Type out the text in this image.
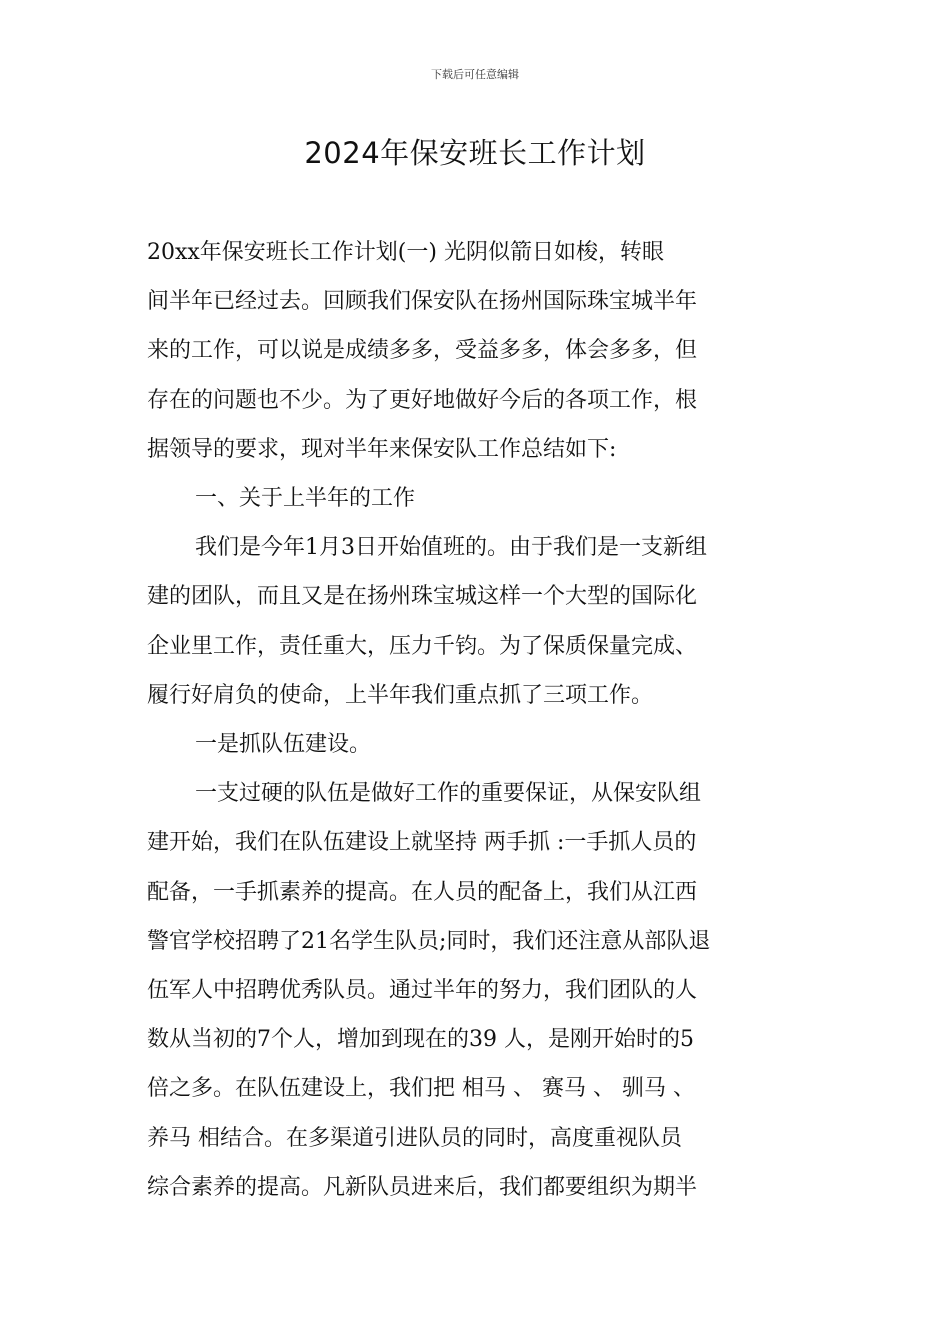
下载后可任意编辑
2024年保安班长工作计划

20xx年保安班长工作计划(一) 光阴似箭日如梭，转眼

间半年已经过去。回顾我们保安队在扬州国际珠宝城半年

来的工作，可以说是成绩多多，受益多多，体会多多，但

存在的问题也不少。为了更好地做好今后的各项工作，根

据领导的要求，现对半年来保安队工作总结如下:

一、关于上半年的工作

我们是今年1月3日开始值班的。由于我们是一支新组

建的团队，而且又是在扬州珠宝城这样一个大型的国际化

企业里工作，责任重大，压力千钧。为了保质保量完成、

履行好肩负的使命，上半年我们重点抓了三项工作。

一是抓队伍建设。

一支过硬的队伍是做好工作的重要保证，从保安队组

建开始，我们在队伍建设上就坚持 两手抓 :一手抓人员的

配备，一手抓素养的提高。在人员的配备上，我们从江西

警官学校招聘了21名学生队员;同时，我们还注意从部队退

伍军人中招聘优秀队员。通过半年的努力，我们团队的人

数从当初的7个人，增加到现在的39 人，是刚开始时的5

倍之多。在队伍建设上，我们把 相马 、 赛马 、 驯马 、

养马 相结合。在多渠道引进队员的同时，高度重视队员

综合素养的提高。凡新队员进来后，我们都要组织为期半
